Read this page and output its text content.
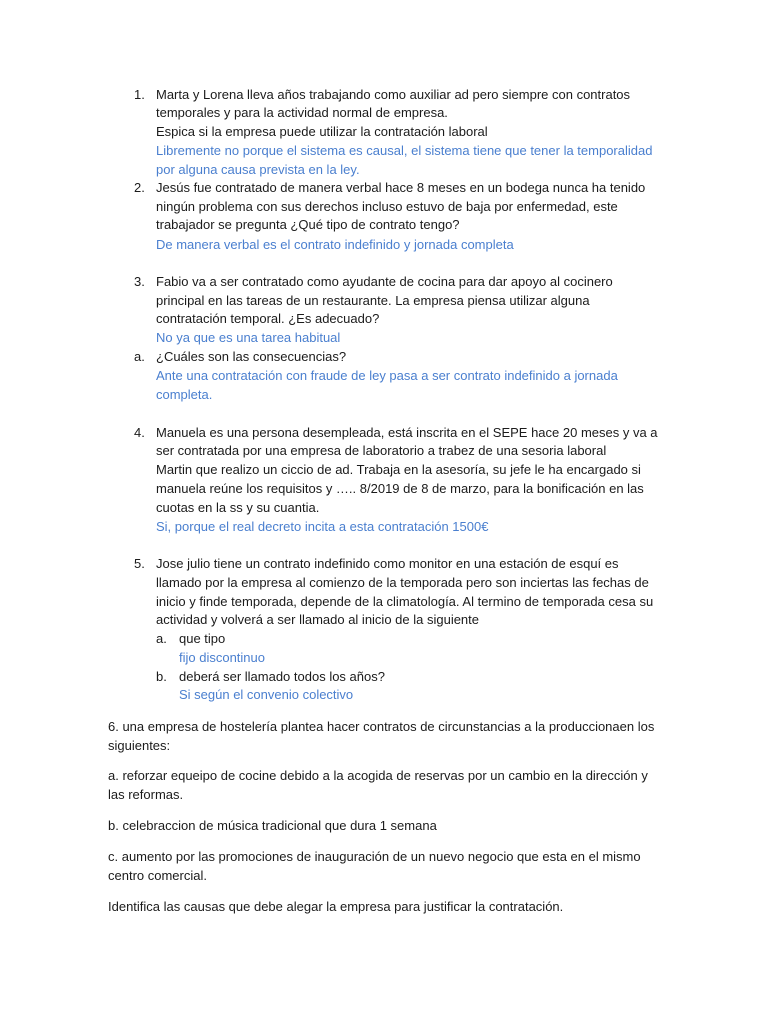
1. Marta y Lorena lleva años trabajando como auxiliar ad pero siempre con contratos
temporales y para la actividad normal de empresa.
Espica si la empresa puede utilizar la contratación laboral
Libremente no porque el sistema es causal, el sistema tiene que tener la temporalidad
por alguna causa prevista en la ley.
2. Jesús fue contratado de manera verbal hace 8 meses en un bodega nunca ha tenido
ningún problema con sus derechos incluso estuvo de baja por enfermedad, este
trabajador se pregunta ¿Qué tipo de contrato tengo?
De manera verbal es el contrato indefinido y jornada completa
3. Fabio va a ser contratado como ayudante de cocina para dar apoyo al cocinero
principal en las tareas de un restaurante. La empresa piensa utilizar alguna
contratación temporal. ¿Es adecuado?
No ya que es una tarea habitual
a. ¿Cuáles son las consecuencias?
Ante una contratación con fraude de ley pasa a ser contrato indefinido a jornada
completa.
4. Manuela es una persona desempleada, está inscrita en el SEPE hace 20 meses y va a
ser contratada por una empresa de laboratorio a trabez de una sesoria laboral
Martin que realizo un ciccio de ad. Trabaja en la asesoría, su jefe le ha encargado si
manuela reúne los requisitos y ….. 8/2019 de 8 de marzo, para la bonificación en las
cuotas en la ss y su cuantia.
Si, porque el real decreto incita a esta contratación 1500€
5. Jose julio tiene un contrato indefinido como monitor en una estación de esquí es
llamado por la empresa al comienzo de la temporada pero son inciertas las fechas de
inicio y finde temporada, depende de la climatología. Al termino de temporada cesa su
actividad y volverá a ser llamado al inicio de la siguiente
a. que tipo
fijo discontinuo
b. deberá ser llamado todos los años?
Si según el convenio colectivo
6. una empresa de hostelería plantea hacer contratos de circunstancias a la produccionaen los
siguientes:
a. reforzar equeipo de cocine debido a la acogida de reservas por un cambio en la dirección y
las reformas.
b. celebraccion de música tradicional que dura 1 semana
c. aumento por las promociones de inauguración de un nuevo negocio que esta en el mismo
centro comercial.
Identifica las causas que debe alegar la empresa para justificar la contratación.
